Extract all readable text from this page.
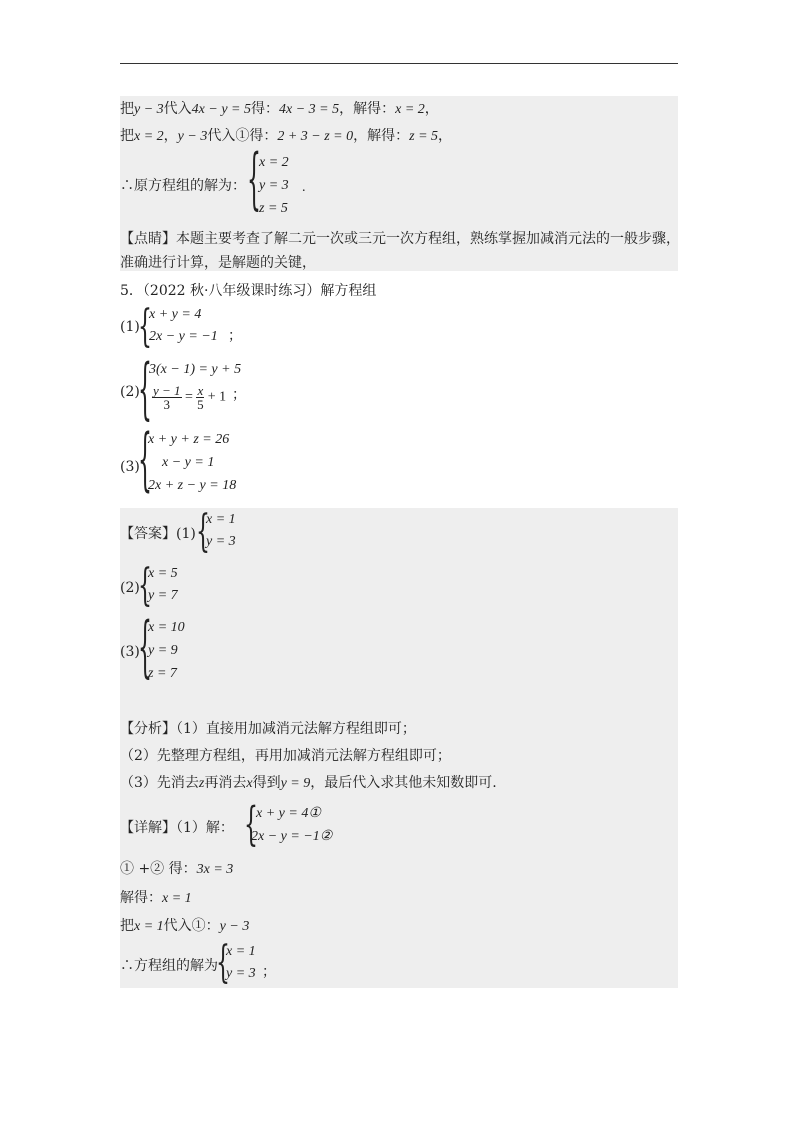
把y − 3代入4x − y = 5得：4x − 3 = 5，解得：x = 2，
把x = 2，y − 3代入①得：2 + 3 − z = 0，解得：z = 5，
∴原方程组的解为： {
x = 2
y = 3 .
z = 5
【点睛】本题主要考查了解二元一次或三元一次方程组，熟练掌握加减消元法的一般步骤，
准确进行计算，是解题的关键，
5．（2022 秋·八年级课时练习）解方程组
(1)
{
x + y = 4
2x − y = −1 ；
(2)
{
3(x − 1) = y + 5
$\frac{y - 1}{3} = \frac{x}{5} + 1$ ；
(3)
{
x + y + z = 26
x − y = 1
2x + z − y = 18
【答案】(1) {
x = 1
y = 3
(2)
{
x = 5
y = 7
(3)
{
x = 10
y = 9
z = 7
【分析】（1）直接用加减消元法解方程组即可；
（2）先整理方程组，再用加减消元法解方程组即可；
（3）先消去z再消去x得到y = 9，最后代入求其他未知数即可.
【详解】（1）解： {
x + y = 4①
2x − y = −1②
① +② 得：3x = 3
解得：x = 1
把x = 1代入①：y − 3
∴方程组的解为
{
x = 1
y = 3 ；
